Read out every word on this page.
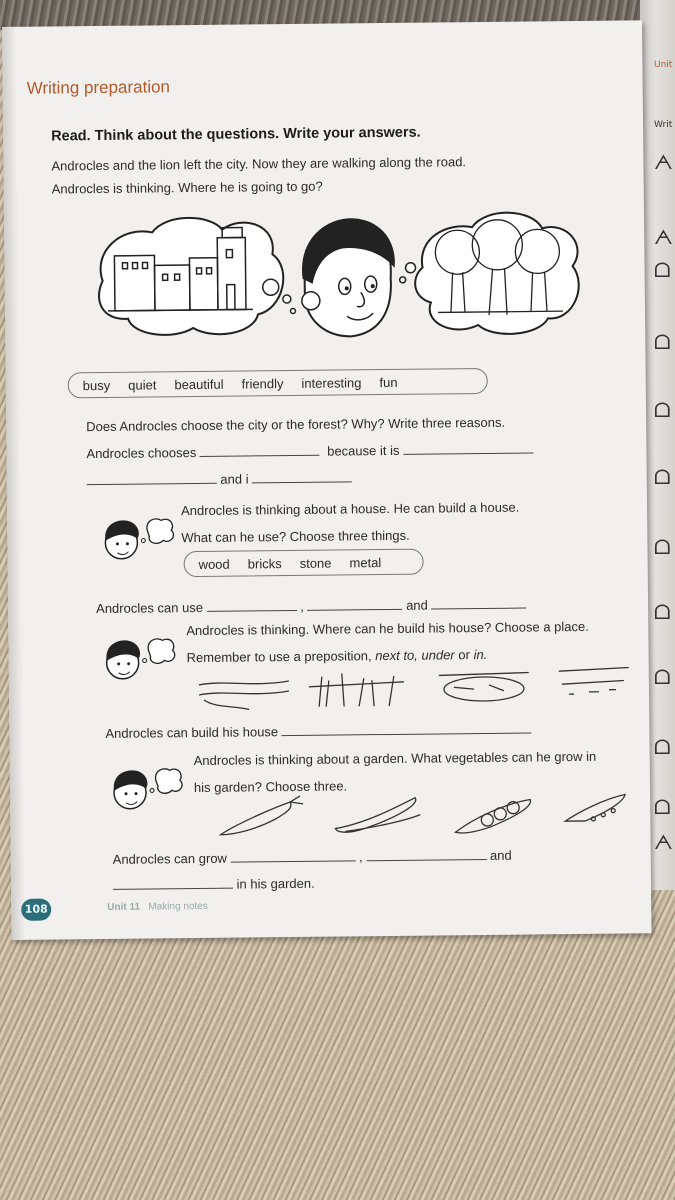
Unit
Writ
ᗅ
ᗅ
ᗝ
ᗝ
ᗝ
ᗝ
ᗝ
ᗝ
ᗝ
ᗝ
ᗝ
ᗅ
Writing preparation
Read. Think about the questions. Write your answers.
Androcles and the lion left the city. Now they are walking along the road.
Androcles is thinking. Where he is going to go?
busy quiet beautiful friendly interesting fun
Does Androcles choose the city or the forest? Why? Write three reasons.
Androcles chooses	because it is
and i
Androcles is thinking about a house. He can build a house.
What can he use? Choose three things.
wood bricks stone metal
Androcles can use	,	and
Androcles is thinking. Where can he build his house? Choose a place.
Remember to use a preposition, next to, under or in.
Androcles can build his house
Androcles is thinking about a garden. What vegetables can he grow in
his garden? Choose three.
Androcles can grow	,	and
in his garden.
108	Unit 11 Making notes
